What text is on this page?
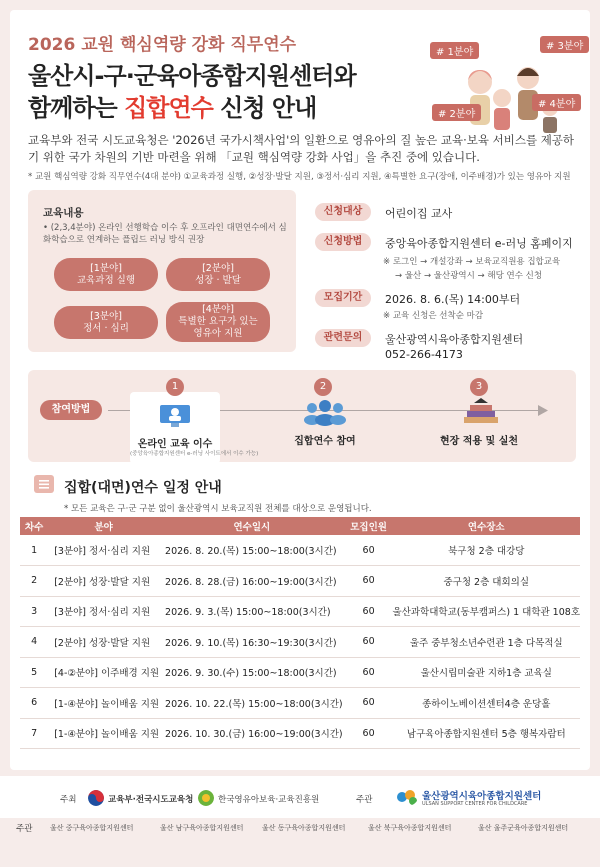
2026 교원 핵심역량 강화 직무연수
울산시-구·군육아종합지원센터와
함께하는 집합연수 신청 안내
# 1분야
# 3분야
# 2분야
# 4분야
교육부와 전국 시도교육청은 '2026년 국가시책사업'의 일환으로 영유아의 질 높은 교육·보육 서비스를 제공하기 위한 국가 차원의 기반 마련을 위해 「교원 핵심역량 강화 사업」을 추진 중에 있습니다.
* 교원 핵심역량 강화 직무연수(4대 분야) ①교육과정 실행, ②성장·발달 지원, ③정서·심리 지원, ④특별한 요구(장애, 이주배경)가 있는 영유아 지원
교육내용
• (2,3,4분야) 온라인 선행학습 이수 후 오프라인 대면연수에서 심화학습으로 연계하는 플립드 러닝 방식 권장
[1분야]
교육과정 실행
[2분야]
성장 · 발달
[3분야]
정서 · 심리
[4분야]
특별한 요구가 있는
영유아 지원
신청대상	어린이집 교사
신청방법	중앙육아종합지원센터 e-러닝 홈페이지
※ 로그인 → 개설강좌 → 보육교직원용 집합교육
→ 울산 → 울산광역시 → 해당 연수 신청
모집기간	2026. 8. 6.(목) 14:00부터
※ 교육 신청은 선착순 마감
관련문의	울산광역시육아종합지원센터
052-266-4173
참여방법
1
온라인 교육 이수
(중앙육아종합지원센터 e-러닝 사이트에서 이수 가능)
2
집합연수 참여
3
현장 적용 및 실천
집합(대면)연수 일정 안내
* 모든 교육은 구·군 구분 없이 울산광역시 보육교직원 전체를 대상으로 운영됩니다.
차수	분야	연수일시	모집인원	연수장소
1	[3분야] 정서·심리 지원	2026. 8. 20.(목) 15:00~18:00(3시간)	60	북구청 2층 대강당
2	[2분야] 성장·발달 지원	2026. 8. 28.(금) 16:00~19:00(3시간)	60	중구청 2층 대회의실
3	[3분야] 정서·심리 지원	2026. 9. 3.(목) 15:00~18:00(3시간)	60	울산과학대학교(동부캠퍼스) 1 대학관 108호
4	[2분야] 성장·발달 지원	2026. 9. 10.(목) 16:30~19:30(3시간)	60	울주 중부청소년수련관 1층 다목적실
5	[4-②분야] 이주배경 지원	2026. 9. 30.(수) 15:00~18:00(3시간)	60	울산시립미술관 지하1층 교육실
6	[1-④분야] 놀이배움 지원	2026. 10. 22.(목) 15:00~18:00(3시간)	60	종하이노베이션센터4층 운당홀
7	[1-④분야] 놀이배움 지원	2026. 10. 30.(금) 16:00~19:00(3시간)	60	남구육아종합지원센터 5층 행복자람터
주최	교육부·전국시도교육청	한국영유아보육·교육진흥원	주관	울산광역시육아종합지원센터
ULSAN SUPPORT CENTER FOR CHILDCARE
주관	울산 중구육아종합지원센터	울산 남구육아종합지원센터	울산 동구육아종합지원센터	울산 북구육아종합지원센터	울산 울주군육아종합지원센터
